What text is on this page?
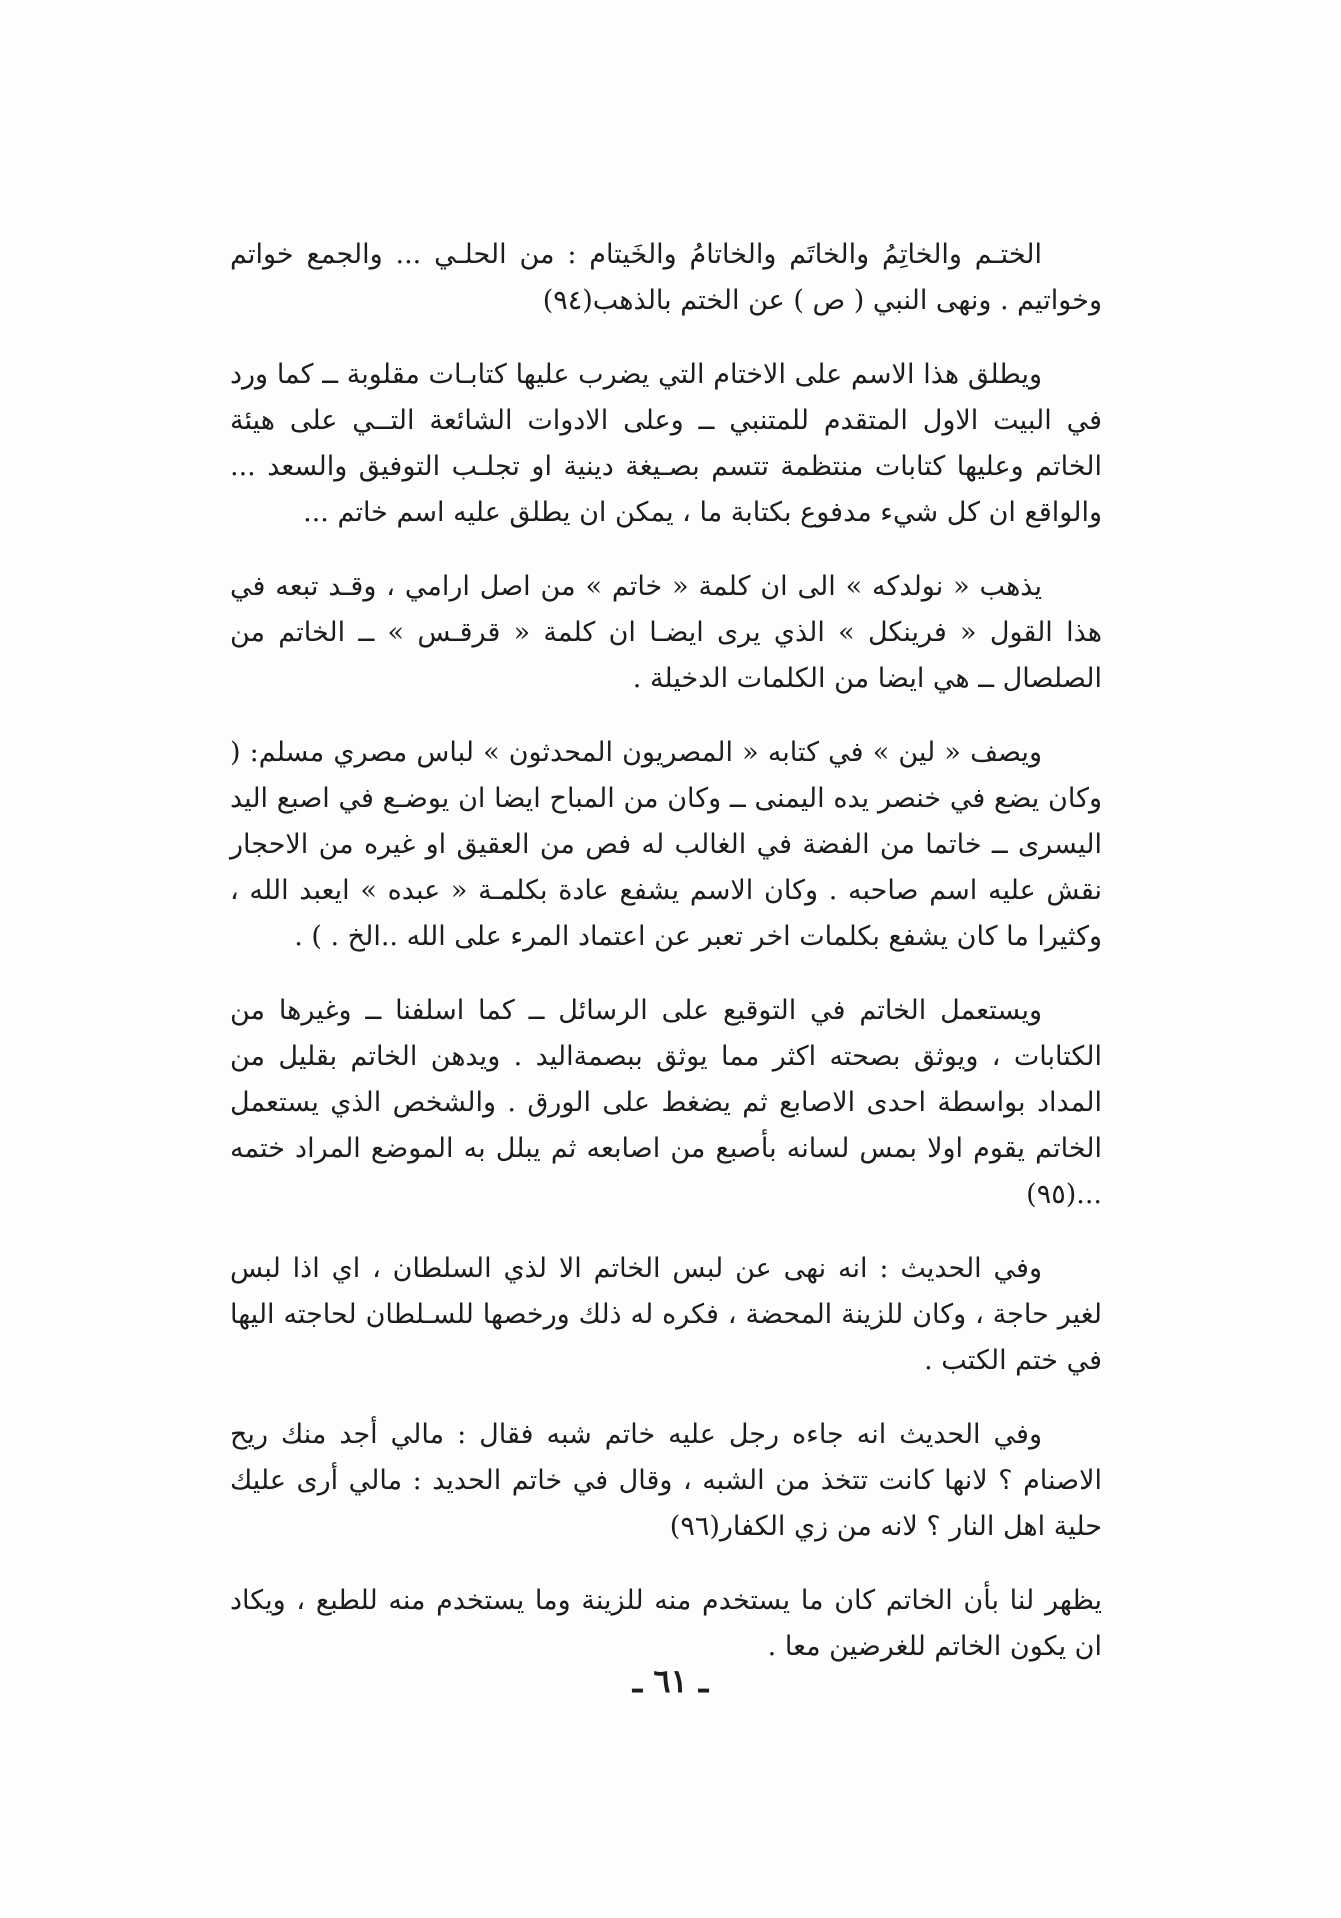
الختـم والخاتِمُ والخاتَم والخاتامُ والخَيتام : من الحلـي ... والجمع خواتم وخواتيم . ونهى النبي ( ص ) عن الختم بالذهب(٩٤)

ويطلق هذا الاسم على الاختام التي يضرب عليها كتابـات مقلوبة ــ كما ورد في البيت الاول المتقدم للمتنبي ــ وعلى الادوات الشائعة التــي على هيئة الخاتم وعليها كتابات منتظمة تتسم بصـيغة دينية او تجلـب التوفيق والسعد ... والواقع ان كل شيء مدفوع بكتابة ما ، يمكن ان يطلق عليه اسم خاتم ...

يذهب « نولدكه » الى ان كلمة « خاتم » من اصل ارامي ، وقـد تبعه في هذا القول « فرينكل » الذي يرى ايضـا ان كلمة « قرقـس » ــ الخاتم من الصلصال ــ هي ايضا من الكلمات الدخيلة .

ويصف « لين » في كتابه « المصريون المحدثون » لباس مصري مسلم: ( وكان يضع في خنصر يده اليمنى ــ وكان من المباح ايضا ان يوضـع في اصبع اليد اليسرى ــ خاتما من الفضة في الغالب له فص من العقيق او غيره من الاحجار نقش عليه اسم صاحبه . وكان الاسم يشفع عادة بكلمـة « عبده » ايعبد الله ، وكثيرا ما كان يشفع بكلمات اخر تعبر عن اعتماد المرء على الله ..الخ . ) .

ويستعمل الخاتم في التوقيع على الرسائل ــ كما اسلفنا ــ وغيرها من الكتابات ، ويوثق بصحته اكثر مما يوثق ببصمةاليد . ويدهن الخاتم بقليل من المداد بواسطة احدى الاصابع ثم يضغط على الورق . والشخص الذي يستعمل الخاتم يقوم اولا بمس لسانه بأصبع من اصابعه ثم يبلل به الموضع المراد ختمه ...(٩٥)

وفي الحديث : انه نهى عن لبس الخاتم الا لذي السلطان ، اي اذا لبس لغير حاجة ، وكان للزينة المحضة ، فكره له ذلك ورخصها للسـلطان لحاجته اليها في ختم الكتب .

وفي الحديث انه جاءه رجل عليه خاتم شبه فقال : مالي أجد منك ريح الاصنام ؟ لانها كانت تتخذ من الشبه ، وقال في خاتم الحديد : مالي أرى عليك حلية اهل النار ؟ لانه من زي الكفار(٩٦)

يظهر لنا بأن الخاتم كان ما يستخدم منه للزينة وما يستخدم منه للطبع ، ويكاد ان يكون الخاتم للغرضين معا .

ـ ٦١ ـ
